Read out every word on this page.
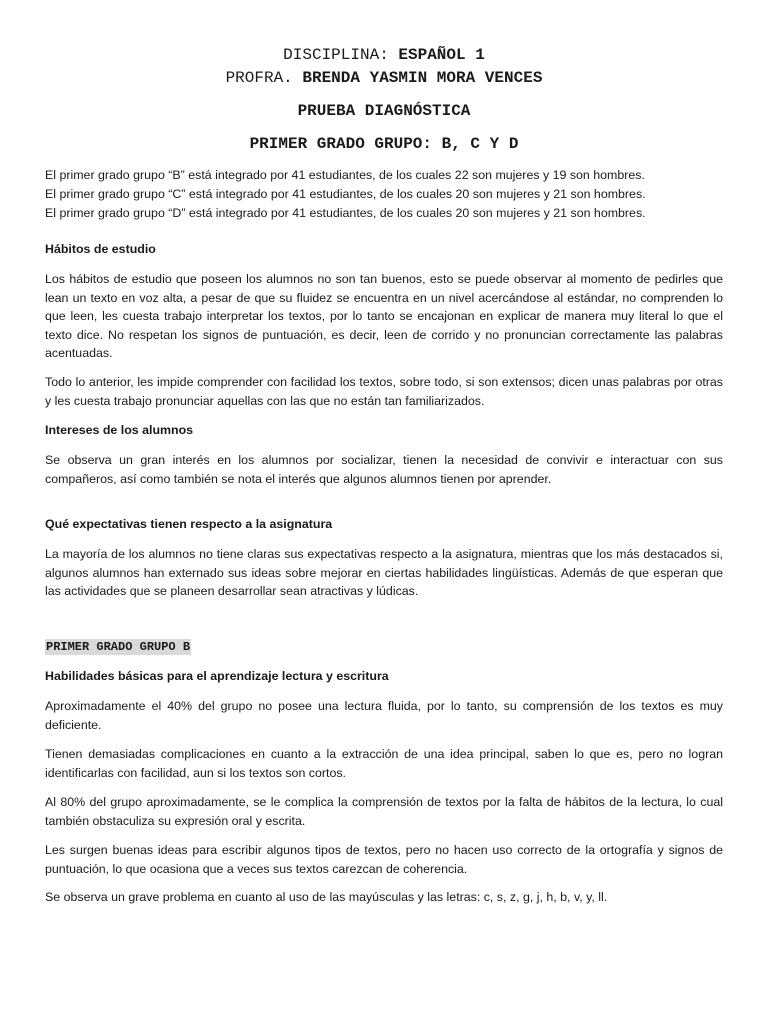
DISCIPLINA: ESPAÑOL 1
PROFRA. BRENDA YASMIN MORA VENCES
PRUEBA DIAGNÓSTICA
PRIMER GRADO GRUPO: B, C Y D
El primer grado grupo “B” está integrado por 41 estudiantes, de los cuales 22 son mujeres y 19 son hombres.
El primer grado grupo “C” está integrado por 41 estudiantes, de los cuales 20 son mujeres y 21 son hombres.
El primer grado grupo “D” está integrado por 41 estudiantes, de los cuales 20 son mujeres y 21 son hombres.
Hábitos de estudio
Los hábitos de estudio que poseen los alumnos no son tan buenos, esto se puede observar al momento de pedirles que lean un texto en voz alta, a pesar de que su fluidez se encuentra en un nivel acercándose al estándar, no comprenden lo que leen, les cuesta trabajo interpretar los textos, por lo tanto se encajonan en explicar de manera muy literal lo que el texto dice. No respetan los signos de puntuación, es decir, leen de corrido y no pronuncian correctamente las palabras acentuadas.
Todo lo anterior, les impide comprender con facilidad los textos, sobre todo, si son extensos; dicen unas palabras por otras y les cuesta trabajo pronunciar aquellas con las que no están tan familiarizados.
Intereses de los alumnos
Se observa un gran interés en los alumnos por socializar, tienen la necesidad de convivir e interactuar con sus compañeros, así como también se nota el interés que algunos alumnos tienen por aprender.
Qué expectativas tienen respecto a la asignatura
La mayoría de los alumnos no tiene claras sus expectativas respecto a la asignatura, mientras que los más destacados si, algunos alumnos han externado sus ideas sobre mejorar en ciertas habilidades lingüísticas. Además de que esperan que las actividades que se planeen desarrollar sean atractivas y lúdicas.
PRIMER GRADO GRUPO B
Habilidades básicas para el aprendizaje lectura y escritura
Aproximadamente el 40% del grupo no posee una lectura fluida, por lo tanto, su comprensión de los textos es muy deficiente.
Tienen demasiadas complicaciones en cuanto a la extracción de una idea principal, saben lo que es, pero no logran identificarlas con facilidad, aun si los textos son cortos.
Al 80% del grupo aproximadamente, se le complica la comprensión de textos por la falta de hábitos de la lectura, lo cual también obstaculiza su expresión oral y escrita.
Les surgen buenas ideas para escribir algunos tipos de textos, pero no hacen uso correcto de la ortografía y signos de puntuación, lo que ocasiona que a veces sus textos carezcan de coherencia.
Se observa un grave problema en cuanto al uso de las mayúsculas y las letras: c, s, z, g, j, h, b, v, y, ll.
